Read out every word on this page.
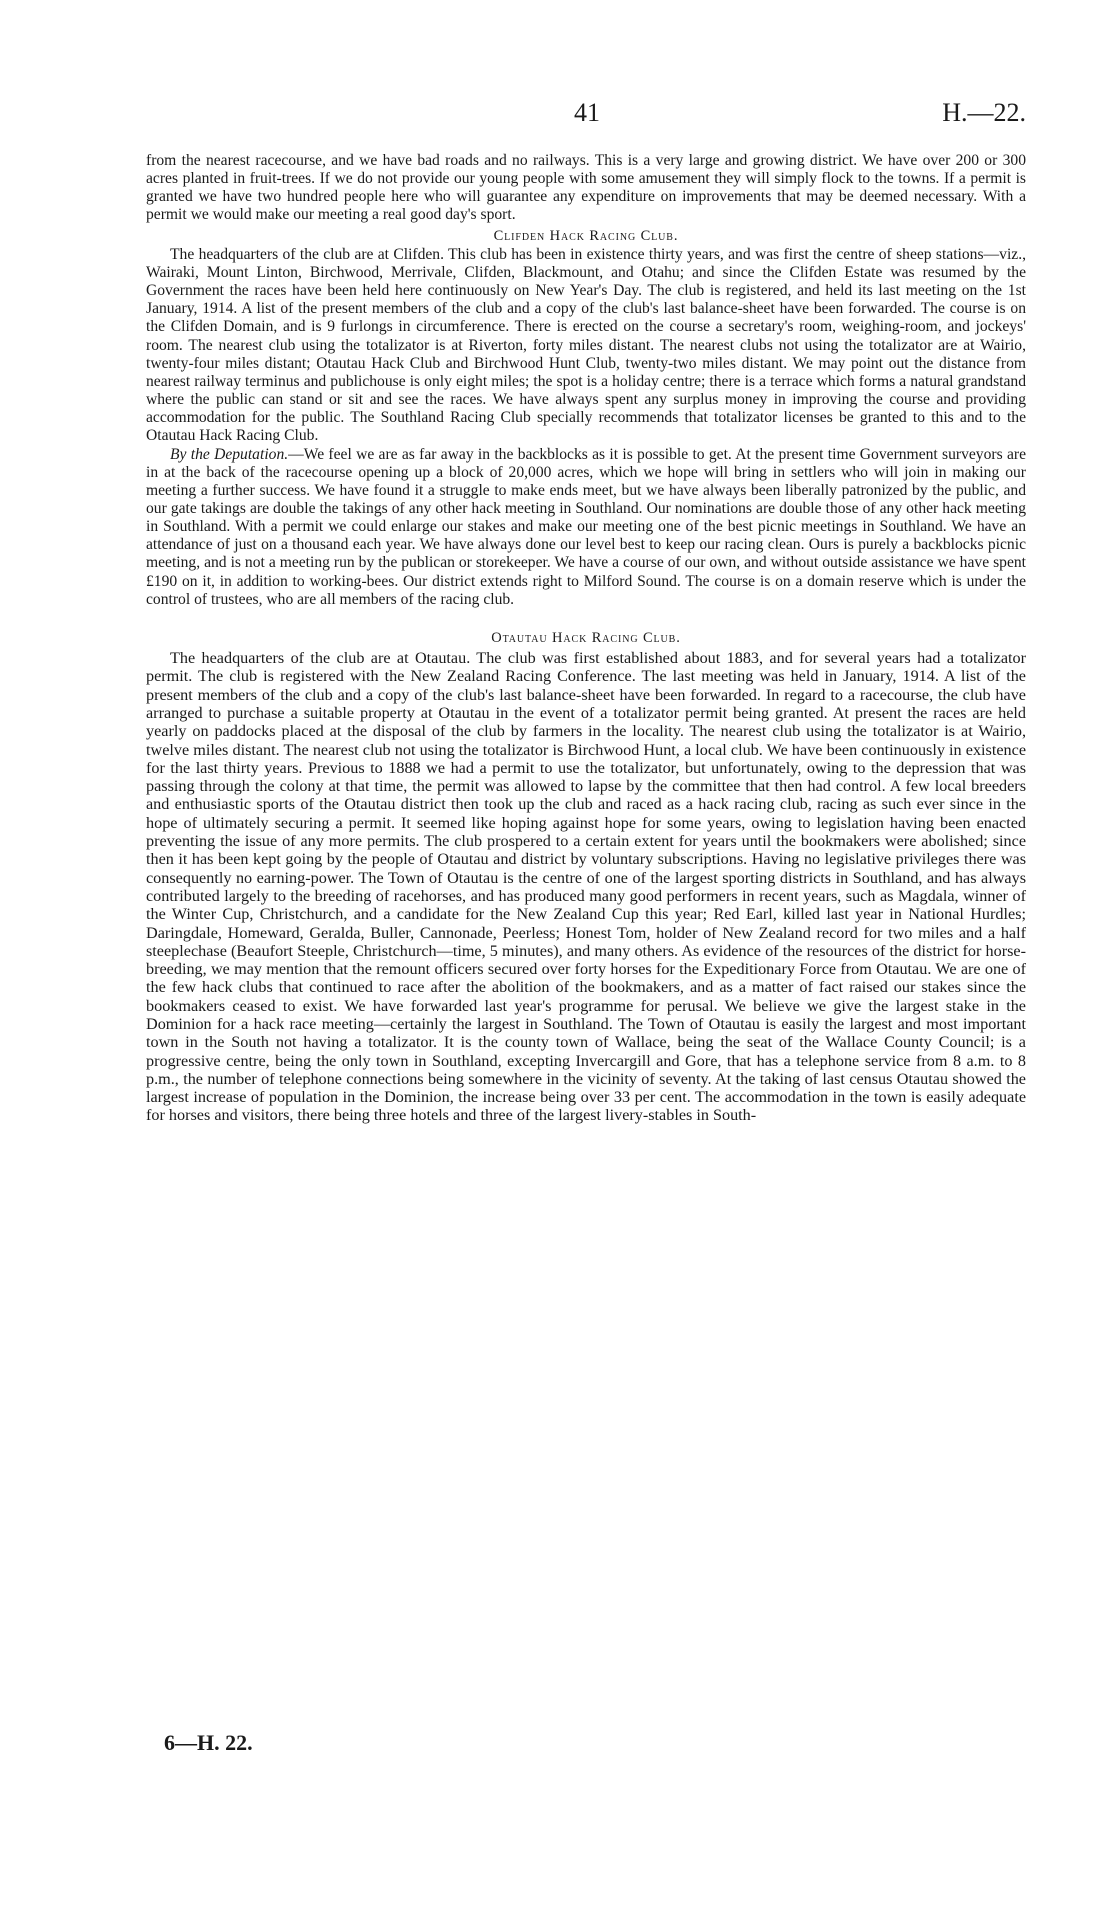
41	H.—22.

from the nearest racecourse, and we have bad roads and no railways. This is a very large and growing district. We have over 200 or 300 acres planted in fruit-trees. If we do not provide our young people with some amusement they will simply flock to the towns. If a permit is granted we have two hundred people here who will guarantee any expenditure on improvements that may be deemed necessary. With a permit we would make our meeting a real good day's sport.

Clifden Hack Racing Club.

The headquarters of the club are at Clifden. This club has been in existence thirty years, and was first the centre of sheep stations—viz., Wairaki, Mount Linton, Birchwood, Merrivale, Clifden, Blackmount, and Otahu; and since the Clifden Estate was resumed by the Government the races have been held here continuously on New Year's Day. The club is registered, and held its last meeting on the 1st January, 1914. A list of the present members of the club and a copy of the club's last balance-sheet have been forwarded. The course is on the Clifden Domain, and is 9 furlongs in circumference. There is erected on the course a secretary's room, weighing-room, and jockeys' room. The nearest club using the totalizator is at Riverton, forty miles distant. The nearest clubs not using the totalizator are at Wairio, twenty-four miles distant; Otautau Hack Club and Birchwood Hunt Club, twenty-two miles distant. We may point out the distance from nearest railway terminus and publichouse is only eight miles; the spot is a holiday centre; there is a terrace which forms a natural grandstand where the public can stand or sit and see the races. We have always spent any surplus money in improving the course and providing accommodation for the public. The Southland Racing Club specially recommends that totalizator licenses be granted to this and to the Otautau Hack Racing Club.

By the Deputation.—We feel we are as far away in the backblocks as it is possible to get. At the present time Government surveyors are in at the back of the racecourse opening up a block of 20,000 acres, which we hope will bring in settlers who will join in making our meeting a further success. We have found it a struggle to make ends meet, but we have always been liberally patronized by the public, and our gate takings are double the takings of any other hack meeting in Southland. Our nominations are double those of any other hack meeting in Southland. With a permit we could enlarge our stakes and make our meeting one of the best picnic meetings in Southland. We have an attendance of just on a thousand each year. We have always done our level best to keep our racing clean. Ours is purely a backblocks picnic meeting, and is not a meeting run by the publican or storekeeper. We have a course of our own, and without outside assistance we have spent £190 on it, in addition to working-bees. Our district extends right to Milford Sound. The course is on a domain reserve which is under the control of trustees, who are all members of the racing club.

Otautau Hack Racing Club.

The headquarters of the club are at Otautau. The club was first established about 1883, and for several years had a totalizator permit. The club is registered with the New Zealand Racing Conference. The last meeting was held in January, 1914. A list of the present members of the club and a copy of the club's last balance-sheet have been forwarded. In regard to a racecourse, the club have arranged to purchase a suitable property at Otautau in the event of a totalizator permit being granted. At present the races are held yearly on paddocks placed at the disposal of the club by farmers in the locality. The nearest club using the totalizator is at Wairio, twelve miles distant. The nearest club not using the totalizator is Birchwood Hunt, a local club. We have been continuously in existence for the last thirty years. Previous to 1888 we had a permit to use the totalizator, but unfortunately, owing to the depression that was passing through the colony at that time, the permit was allowed to lapse by the committee that then had control. A few local breeders and enthusiastic sports of the Otautau district then took up the club and raced as a hack racing club, racing as such ever since in the hope of ultimately securing a permit. It seemed like hoping against hope for some years, owing to legislation having been enacted preventing the issue of any more permits. The club prospered to a certain extent for years until the bookmakers were abolished; since then it has been kept going by the people of Otautau and district by voluntary subscriptions. Having no legislative privileges there was consequently no earning-power. The Town of Otautau is the centre of one of the largest sporting districts in Southland, and has always contributed largely to the breeding of racehorses, and has produced many good performers in recent years, such as Magdala, winner of the Winter Cup, Christchurch, and a candidate for the New Zealand Cup this year; Red Earl, killed last year in National Hurdles; Daringdale, Homeward, Geralda, Buller, Cannonade, Peerless; Honest Tom, holder of New Zealand record for two miles and a half steeplechase (Beaufort Steeple, Christchurch—time, 5 minutes), and many others. As evidence of the resources of the district for horse-breeding, we may mention that the remount officers secured over forty horses for the Expeditionary Force from Otautau. We are one of the few hack clubs that continued to race after the abolition of the bookmakers, and as a matter of fact raised our stakes since the bookmakers ceased to exist. We have forwarded last year's programme for perusal. We believe we give the largest stake in the Dominion for a hack race meeting—certainly the largest in Southland. The Town of Otautau is easily the largest and most important town in the South not having a totalizator. It is the county town of Wallace, being the seat of the Wallace County Council; is a progressive centre, being the only town in Southland, excepting Invercargill and Gore, that has a telephone service from 8 a.m. to 8 p.m., the number of telephone connections being somewhere in the vicinity of seventy. At the taking of last census Otautau showed the largest increase of population in the Dominion, the increase being over 33 per cent. The accommodation in the town is easily adequate for horses and visitors, there being three hotels and three of the largest livery-stables in South-

6—H. 22.
